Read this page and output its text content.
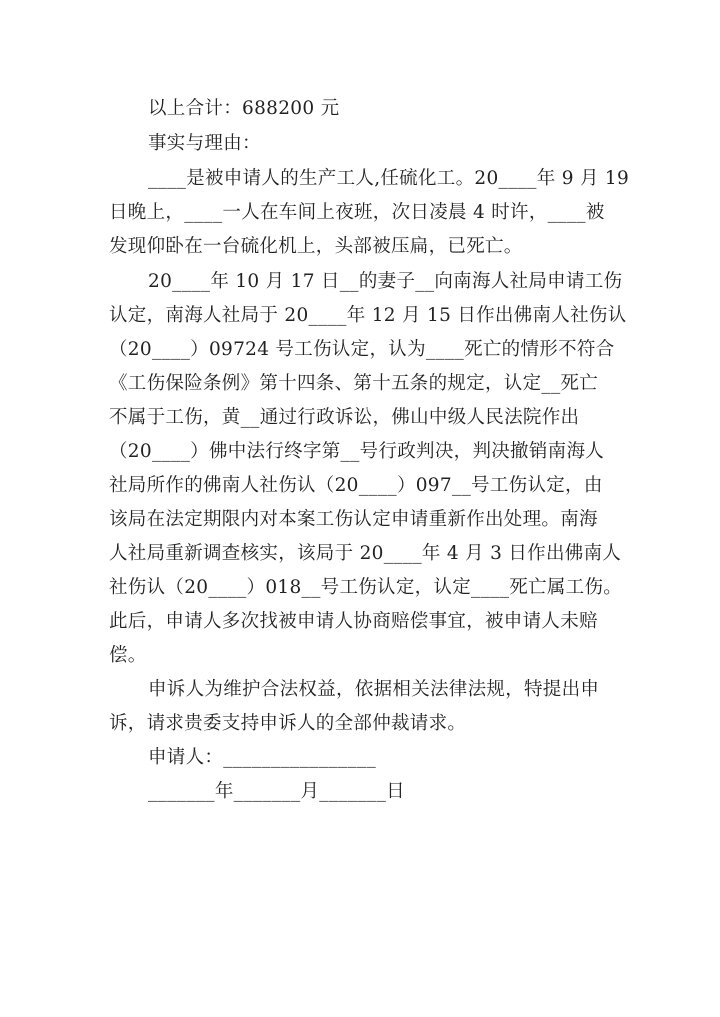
以上合计：688200 元
事实与理由：
____是被申请人的生产工人,任硫化工。20____年 9 月 19
日晚上，____一人在车间上夜班，次日凌晨 4 时许，____被
发现仰卧在一台硫化机上，头部被压扁，已死亡。
20____年 10 月 17 日__的妻子__向南海人社局申请工伤
认定，南海人社局于 20____年 12 月 15 日作出佛南人社伤认
（20____）09724 号工伤认定，认为____死亡的情形不符合
《工伤保险条例》第十四条、第十五条的规定，认定__死亡
不属于工伤，黄__通过行政诉讼，佛山中级人民法院作出
（20____）佛中法行终字第__号行政判决，判决撤销南海人
社局所作的佛南人社伤认（20____）097__号工伤认定，由
该局在法定期限内对本案工伤认定申请重新作出处理。南海
人社局重新调查核实，该局于 20____年 4 月 3 日作出佛南人
社伤认（20____）018__号工伤认定，认定____死亡属工伤。
此后，申请人多次找被申请人协商赔偿事宜，被申请人未赔
偿。
申诉人为维护合法权益，依据相关法律法规，特提出申
诉，请求贵委支持申诉人的全部仲裁请求。
申请人：________________
_______年_______月_______日
